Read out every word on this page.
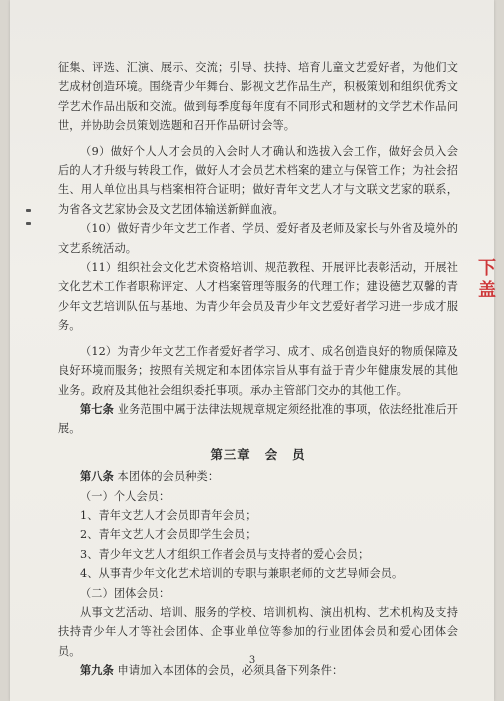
征集、评选、汇演、展示、交流；引导、扶持、培育儿童文艺爱好者，为他们文艺成材创造环境。围绕青少年舞台、影视文艺作品生产，积极策划和组织优秀文学艺术作品出版和交流。做到每季度每年度有不同形式和题材的文学艺术作品问世，并协助会员策划选题和召开作品研讨会等。

（9）做好个人人才会员的入会时人才确认和选拔入会工作，做好会员入会后的人才升级与转段工作，做好人才会员艺术档案的建立与保管工作；为社会招生、用人单位出具与档案相符合证明；做好青年文艺人才与文联文艺家的联系，为省各文艺家协会及文艺团体输送新鲜血液。

（10）做好青少年文艺工作者、学员、爱好者及老师及家长与外省及境外的文艺系统活动。

（11）组织社会文化艺术资格培训、规范教程、开展评比表彰活动，开展社文化艺术工作者职称评定、人才档案管理等服务的代理工作；建设德艺双馨的青少年文艺培训队伍与基地、为青少年会员及青少年文艺爱好者学习进一步成才服务。

（12）为青少年文艺工作者爱好者学习、成才、成名创造良好的物质保障及良好环境而服务；按照有关规定和本团体宗旨从事有益于青少年健康发展的其他业务。政府及其他社会组织委托事项。承办主管部门交办的其他工作。

第七条 业务范围中属于法律法规规章规定须经批准的事项，依法经批准后开展。

第三章 会 员

第八条 本团体的会员种类：

（一）个人会员：

1、青年文艺人才会员即青年会员；

2、青年文艺人才会员即学生会员；

3、青少年文艺人才组织工作者会员与支持者的爱心会员；

4、从事青少年文化艺术培训的专职与兼职老师的文艺导师会员。

（二）团体会员：

从事文艺活动、培训、服务的学校、培训机构、演出机构、艺术机构及支持扶持青少年人才等社会团体、企事业单位等参加的行业团体会员和爱心团体会员。

第九条 申请加入本团体的会员，必须具备下列条件：

3
下盖
